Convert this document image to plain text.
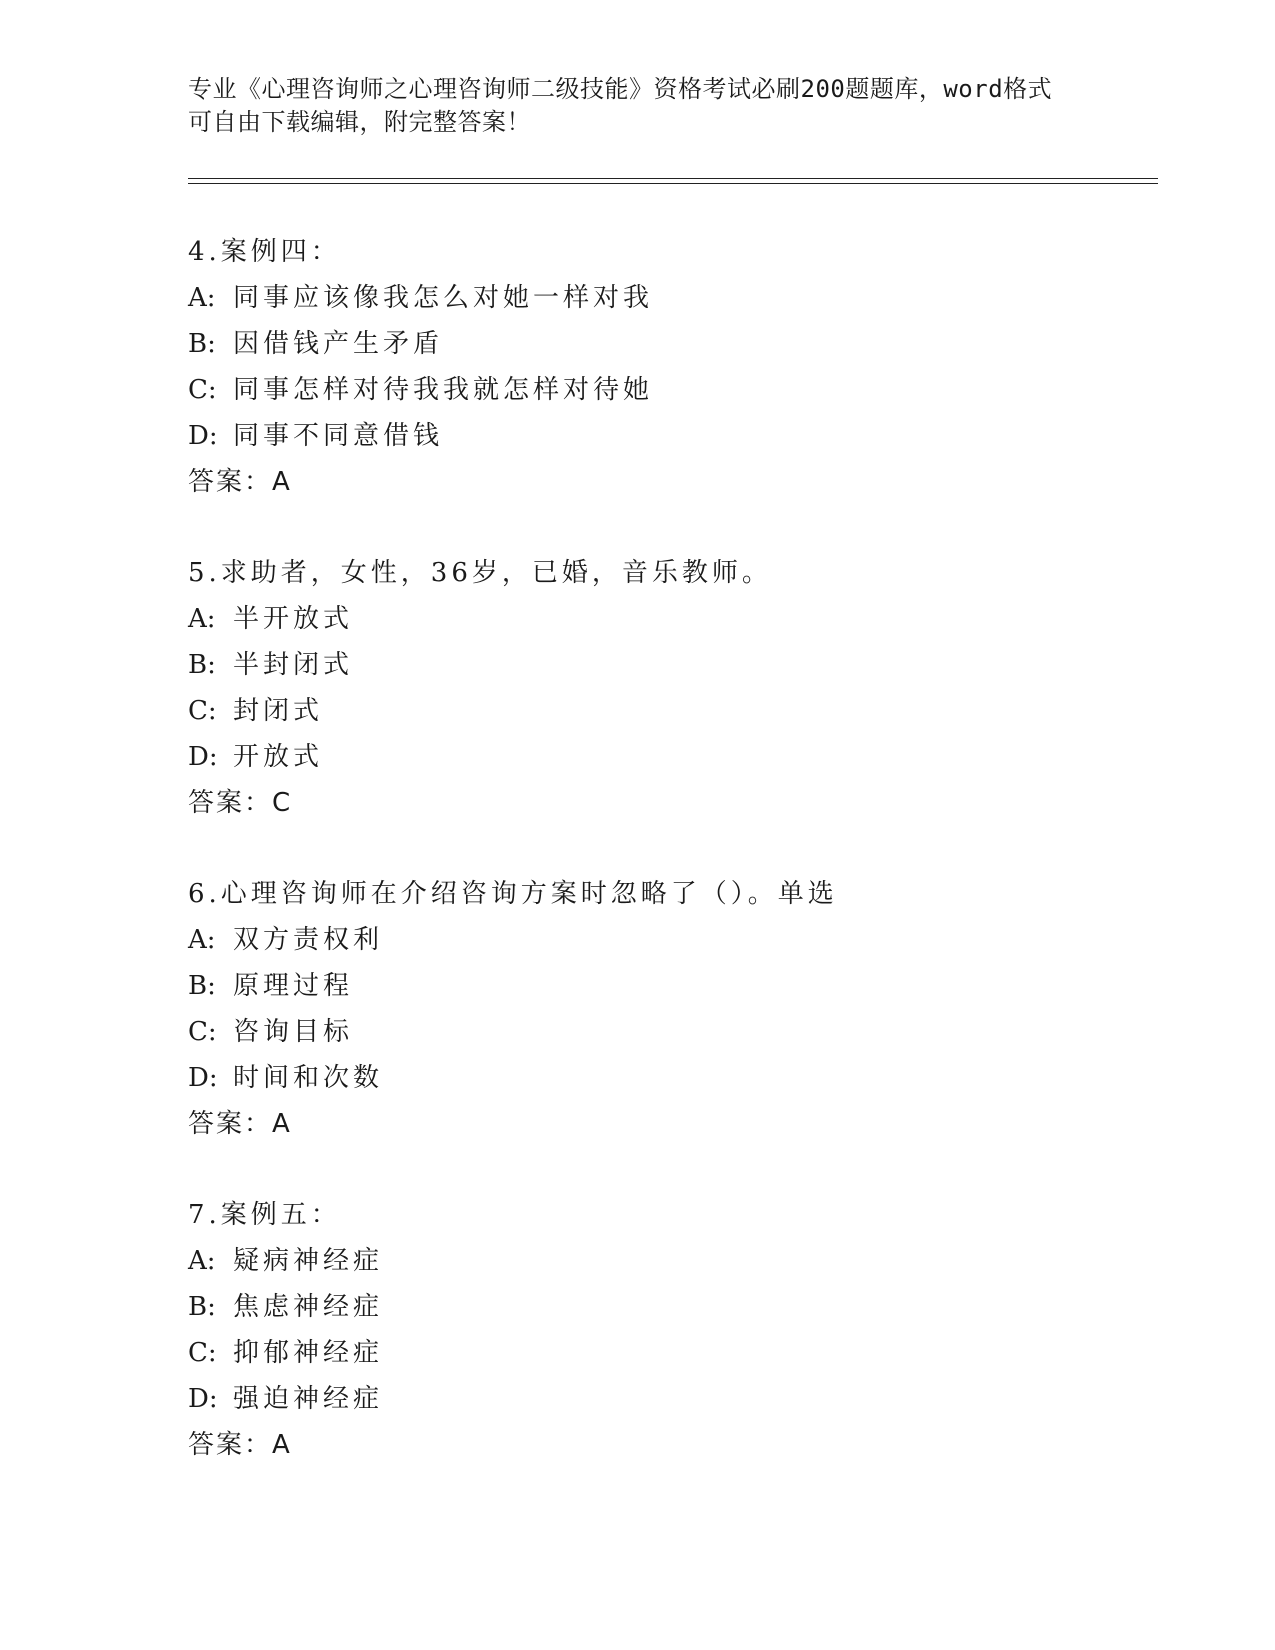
专业《心理咨询师之心理咨询师二级技能》资格考试必刷200题题库，word格式
可自由下载编辑，附完整答案！
4.案例四：
A: 同事应该像我怎么对她一样对我
B: 因借钱产生矛盾
C: 同事怎样对待我我就怎样对待她
D: 同事不同意借钱
答案：A
5.求助者，女性，36岁，已婚，音乐教师。
A: 半开放式
B: 半封闭式
C: 封闭式
D: 开放式
答案：C
6.心理咨询师在介绍咨询方案时忽略了（）。单选
A: 双方责权利
B: 原理过程
C: 咨询目标
D: 时间和次数
答案：A
7.案例五：
A: 疑病神经症
B: 焦虑神经症
C: 抑郁神经症
D: 强迫神经症
答案：A
